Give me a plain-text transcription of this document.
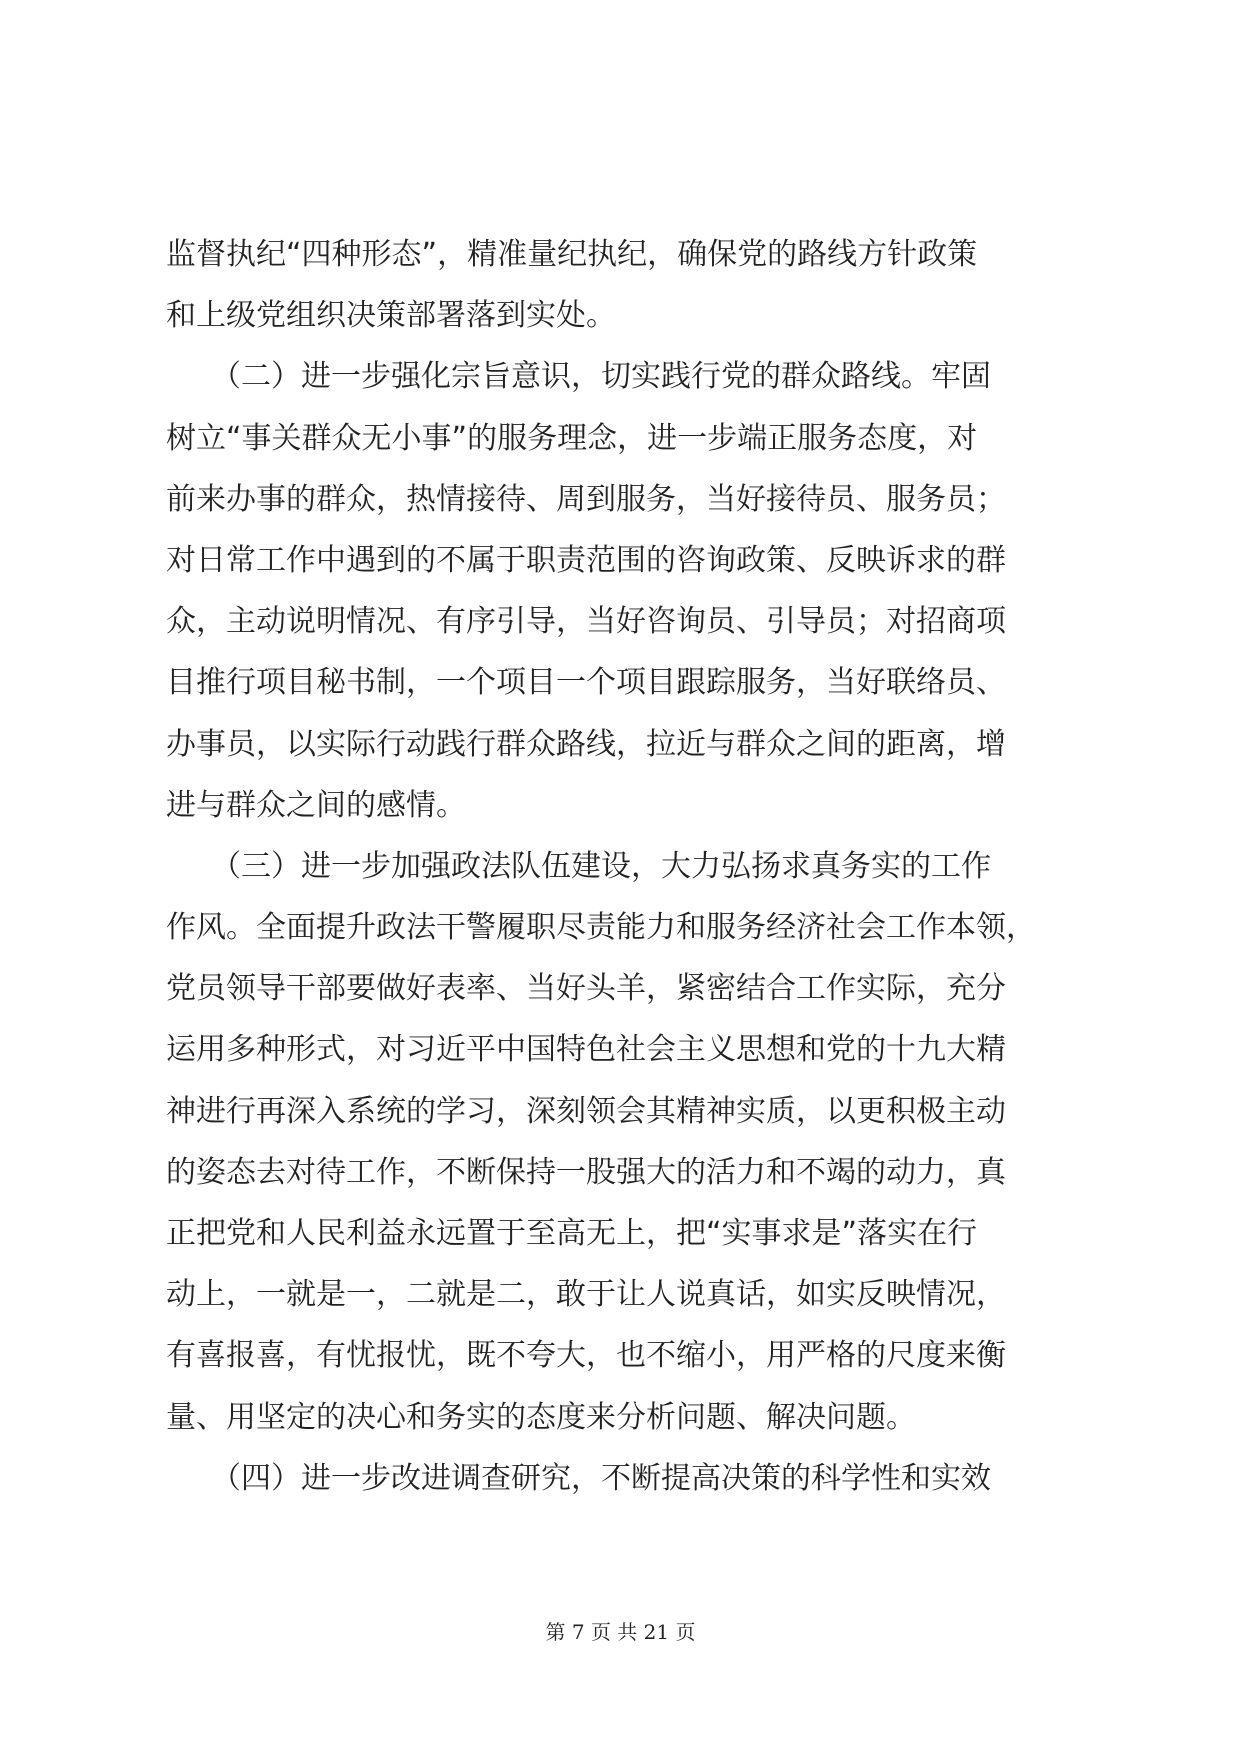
监督执纪“四种形态”，精准量纪执纪，确保党的路线方针政策
和上级党组织决策部署落到实处。
　　（二）进一步强化宗旨意识，切实践行党的群众路线。牢固
树立“事关群众无小事”的服务理念，进一步端正服务态度，对
前来办事的群众，热情接待、周到服务，当好接待员、服务员；
对日常工作中遇到的不属于职责范围的咨询政策、反映诉求的群
众，主动说明情况、有序引导，当好咨询员、引导员；对招商项
目推行项目秘书制，一个项目一个项目跟踪服务，当好联络员、
办事员，以实际行动践行群众路线，拉近与群众之间的距离，增
进与群众之间的感情。
　　（三）进一步加强政法队伍建设，大力弘扬求真务实的工作
作风。全面提升政法干警履职尽责能力和服务经济社会工作本领，
党员领导干部要做好表率、当好头羊，紧密结合工作实际，充分
运用多种形式，对习近平中国特色社会主义思想和党的十九大精
神进行再深入系统的学习，深刻领会其精神实质，以更积极主动
的姿态去对待工作，不断保持一股强大的活力和不竭的动力，真
正把党和人民利益永远置于至高无上，把“实事求是”落实在行
动上，一就是一，二就是二，敢于让人说真话，如实反映情况，
有喜报喜，有忧报忧，既不夸大，也不缩小，用严格的尺度来衡
量、用坚定的决心和务实的态度来分析问题、解决问题。
　　（四）进一步改进调查研究，不断提高决策的科学性和实效
第 7 页 共 21 页
